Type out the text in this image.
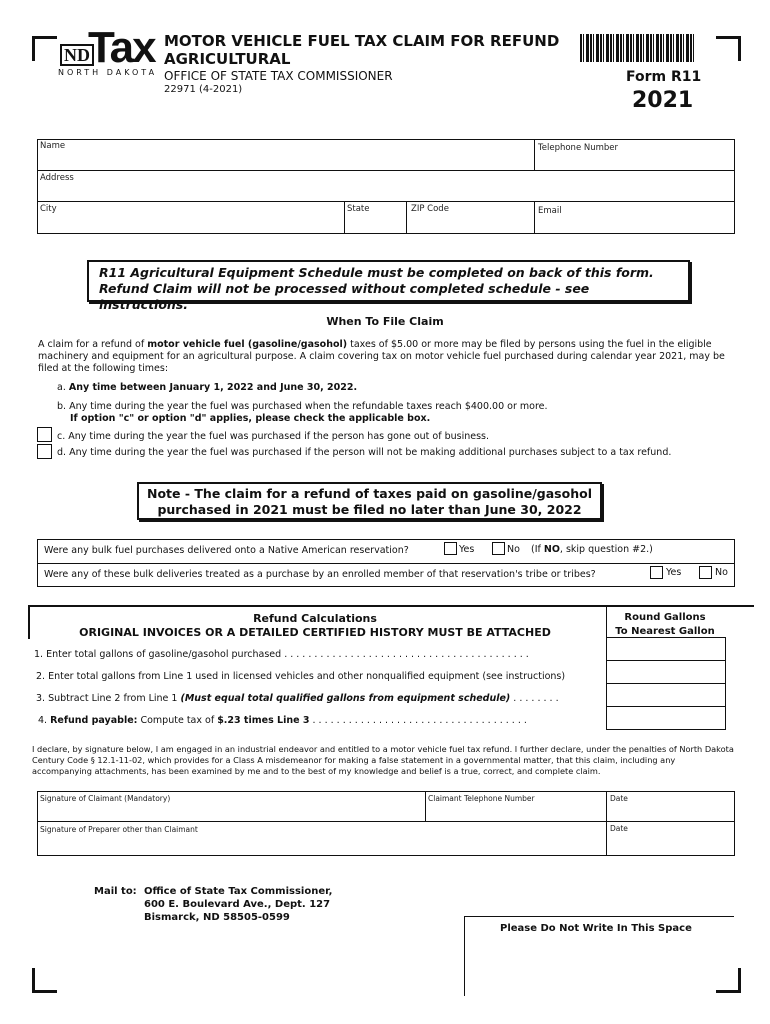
ND
Tax
NORTH DAKOTA
MOTOR VEHICLE FUEL TAX CLAIM FOR REFUND
AGRICULTURAL
OFFICE OF STATE TAX COMMISSIONER
22971 (4-2021)
Form R11
2021
Name	Telephone Number
Address
City	State	ZIP Code	Email
R11 Agricultural Equipment Schedule must be completed on back of this form.
Refund Claim will not be processed without completed schedule - see instructions.
When To File Claim
A claim for a refund of motor vehicle fuel (gasoline/gasohol) taxes of $5.00 or more may be filed by persons using the fuel in the eligible machinery and equipment for an agricultural purpose. A claim covering tax on motor vehicle fuel purchased during calendar year 2021, may be filed at the following times:
a. Any time between January 1, 2022 and June 30, 2022.
b. Any time during the year the fuel was purchased when the refundable taxes reach $400.00 or more.
If option "c" or option "d" applies, please check the applicable box.
c. Any time during the year the fuel was purchased if the person has gone out of business.
d. Any time during the year the fuel was purchased if the person will not be making additional purchases subject to a tax refund.
Note - The claim for a refund of taxes paid on gasoline/gasohol
purchased in 2021 must be filed no later than June 30, 2022
Were any bulk fuel purchases delivered onto a Native American reservation?	Yes	No (If NO, skip question #2.)
Were any of these bulk deliveries treated as a purchase by an enrolled member of that reservation's tribe or tribes?	Yes	No
Refund Calculations
ORIGINAL INVOICES OR A DETAILED CERTIFIED HISTORY MUST BE ATTACHED
Round Gallons
To Nearest Gallon
1. Enter total gallons of gasoline/gasohol purchased . . . . . . . . . . . . . . . . . . . . . . . . . . . . . . . . . . . . . . . . .
2. Enter total gallons from Line 1 used in licensed vehicles and other nonqualified equipment (see instructions)
3. Subtract Line 2 from Line 1 (Must equal total qualified gallons from equipment schedule) . . . . . . . .
4. Refund payable: Compute tax of $.23 times Line 3 . . . . . . . . . . . . . . . . . . . . . . . . . . . . . . . . . . . .
I declare, by signature below, I am engaged in an industrial endeavor and entitled to a motor vehicle fuel tax refund. I further declare, under the penalties of North Dakota Century Code § 12.1-11-02, which provides for a Class A misdemeanor for making a false statement in a governmental matter, that this claim, including any accompanying attachments, has been examined by me and to the best of my knowledge and belief is a true, correct, and complete claim.
Signature of Claimant (Mandatory)	Claimant Telephone Number	Date
Signature of Preparer other than Claimant	Date
Mail to: Office of State Tax Commissioner,
600 E. Boulevard Ave., Dept. 127
Bismarck, ND 58505-0599
Please Do Not Write In This Space
